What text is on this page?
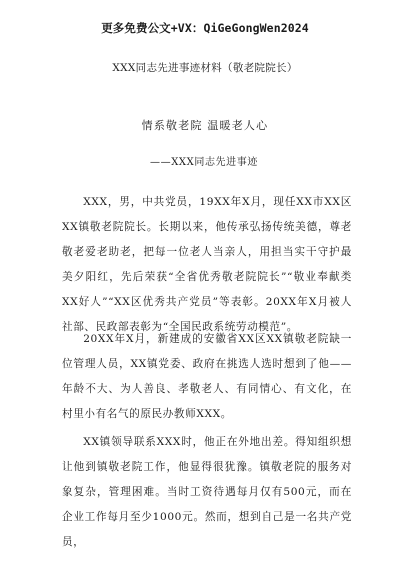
更多免费公文+VX：QiGeGongWen2024
XXX同志先进事迹材料（敬老院院长）
情系敬老院 温暖老人心
——XXX同志先进事迹

XXX，男，中共党员，19XX年X月，现任XX市XX区XX镇敬老院院长。长期以来，他传承弘扬传统美德，尊老敬老爱老助老，把每一位老人当亲人，用担当实干守护最美夕阳红，先后荣获“全省优秀敬老院院长”“敬业奉献类XX好人”“XX区优秀共产党员”等表彰。20XX年X月被人社部、民政部表彰为“全国民政系统劳动模范”。

20XX年X月，新建成的安徽省XX区XX镇敬老院缺一位管理人员，XX镇党委、政府在挑选人选时想到了他——年龄不大、为人善良、孝敬老人、有同情心、有文化，在村里小有名气的原民办教师XXX。

XX镇领导联系XXX时，他正在外地出差。得知组织想让他到镇敬老院工作，他显得很犹豫。镇敬老院的服务对象复杂，管理困难。当时工资待遇每月仅有500元，而在企业工作每月至少1000元。然而，想到自己是一名共产党员，
